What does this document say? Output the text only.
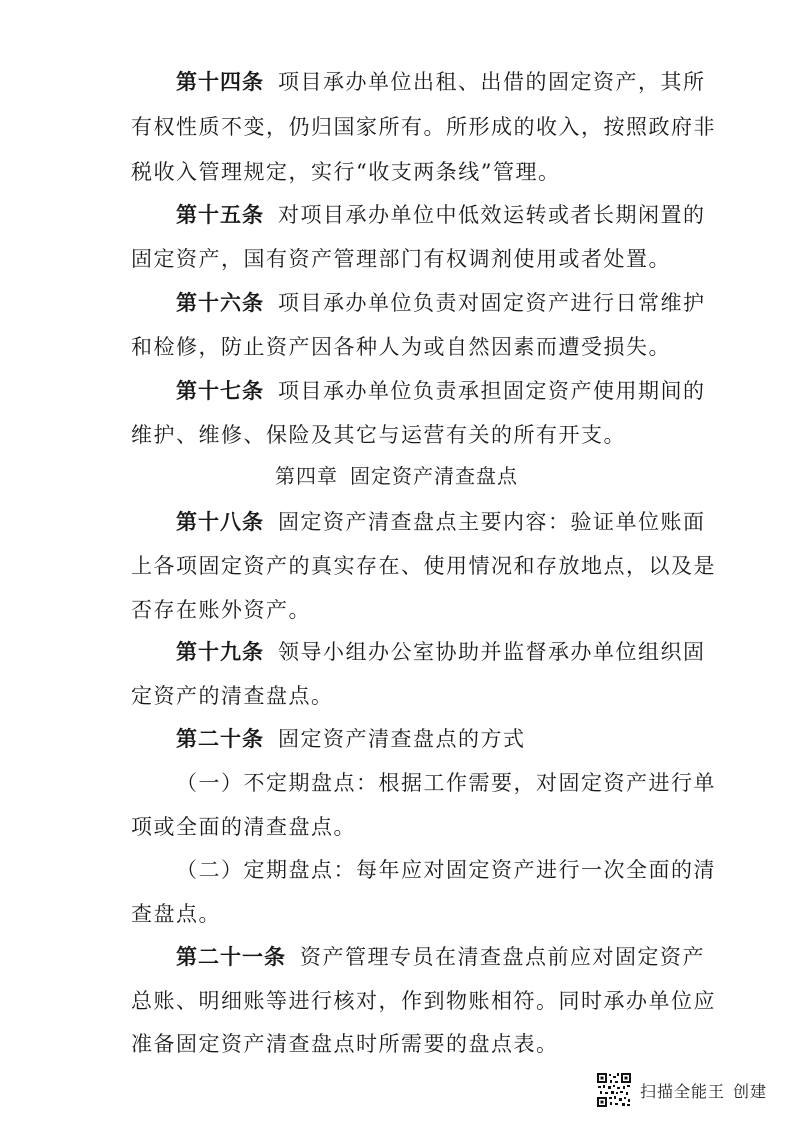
第十四条 项目承办单位出租、出借的固定资产，其所
有权性质不变，仍归国家所有。所形成的收入，按照政府非
税收入管理规定，实行“收支两条线”管理。
第十五条 对项目承办单位中低效运转或者长期闲置的
固定资产，国有资产管理部门有权调剂使用或者处置。
第十六条 项目承办单位负责对固定资产进行日常维护
和检修，防止资产因各种人为或自然因素而遭受损失。
第十七条 项目承办单位负责承担固定资产使用期间的
维护、维修、保险及其它与运营有关的所有开支。
第四章 固定资产清查盘点
第十八条 固定资产清查盘点主要内容：验证单位账面
上各项固定资产的真实存在、使用情况和存放地点，以及是
否存在账外资产。
第十九条 领导小组办公室协助并监督承办单位组织固
定资产的清查盘点。
第二十条 固定资产清查盘点的方式
（一）不定期盘点：根据工作需要，对固定资产进行单
项或全面的清查盘点。
（二）定期盘点：每年应对固定资产进行一次全面的清
查盘点。
第二十一条 资产管理专员在清查盘点前应对固定资产
总账、明细账等进行核对，作到物账相符。同时承办单位应
准备固定资产清查盘点时所需要的盘点表。
扫描全能王 创建
